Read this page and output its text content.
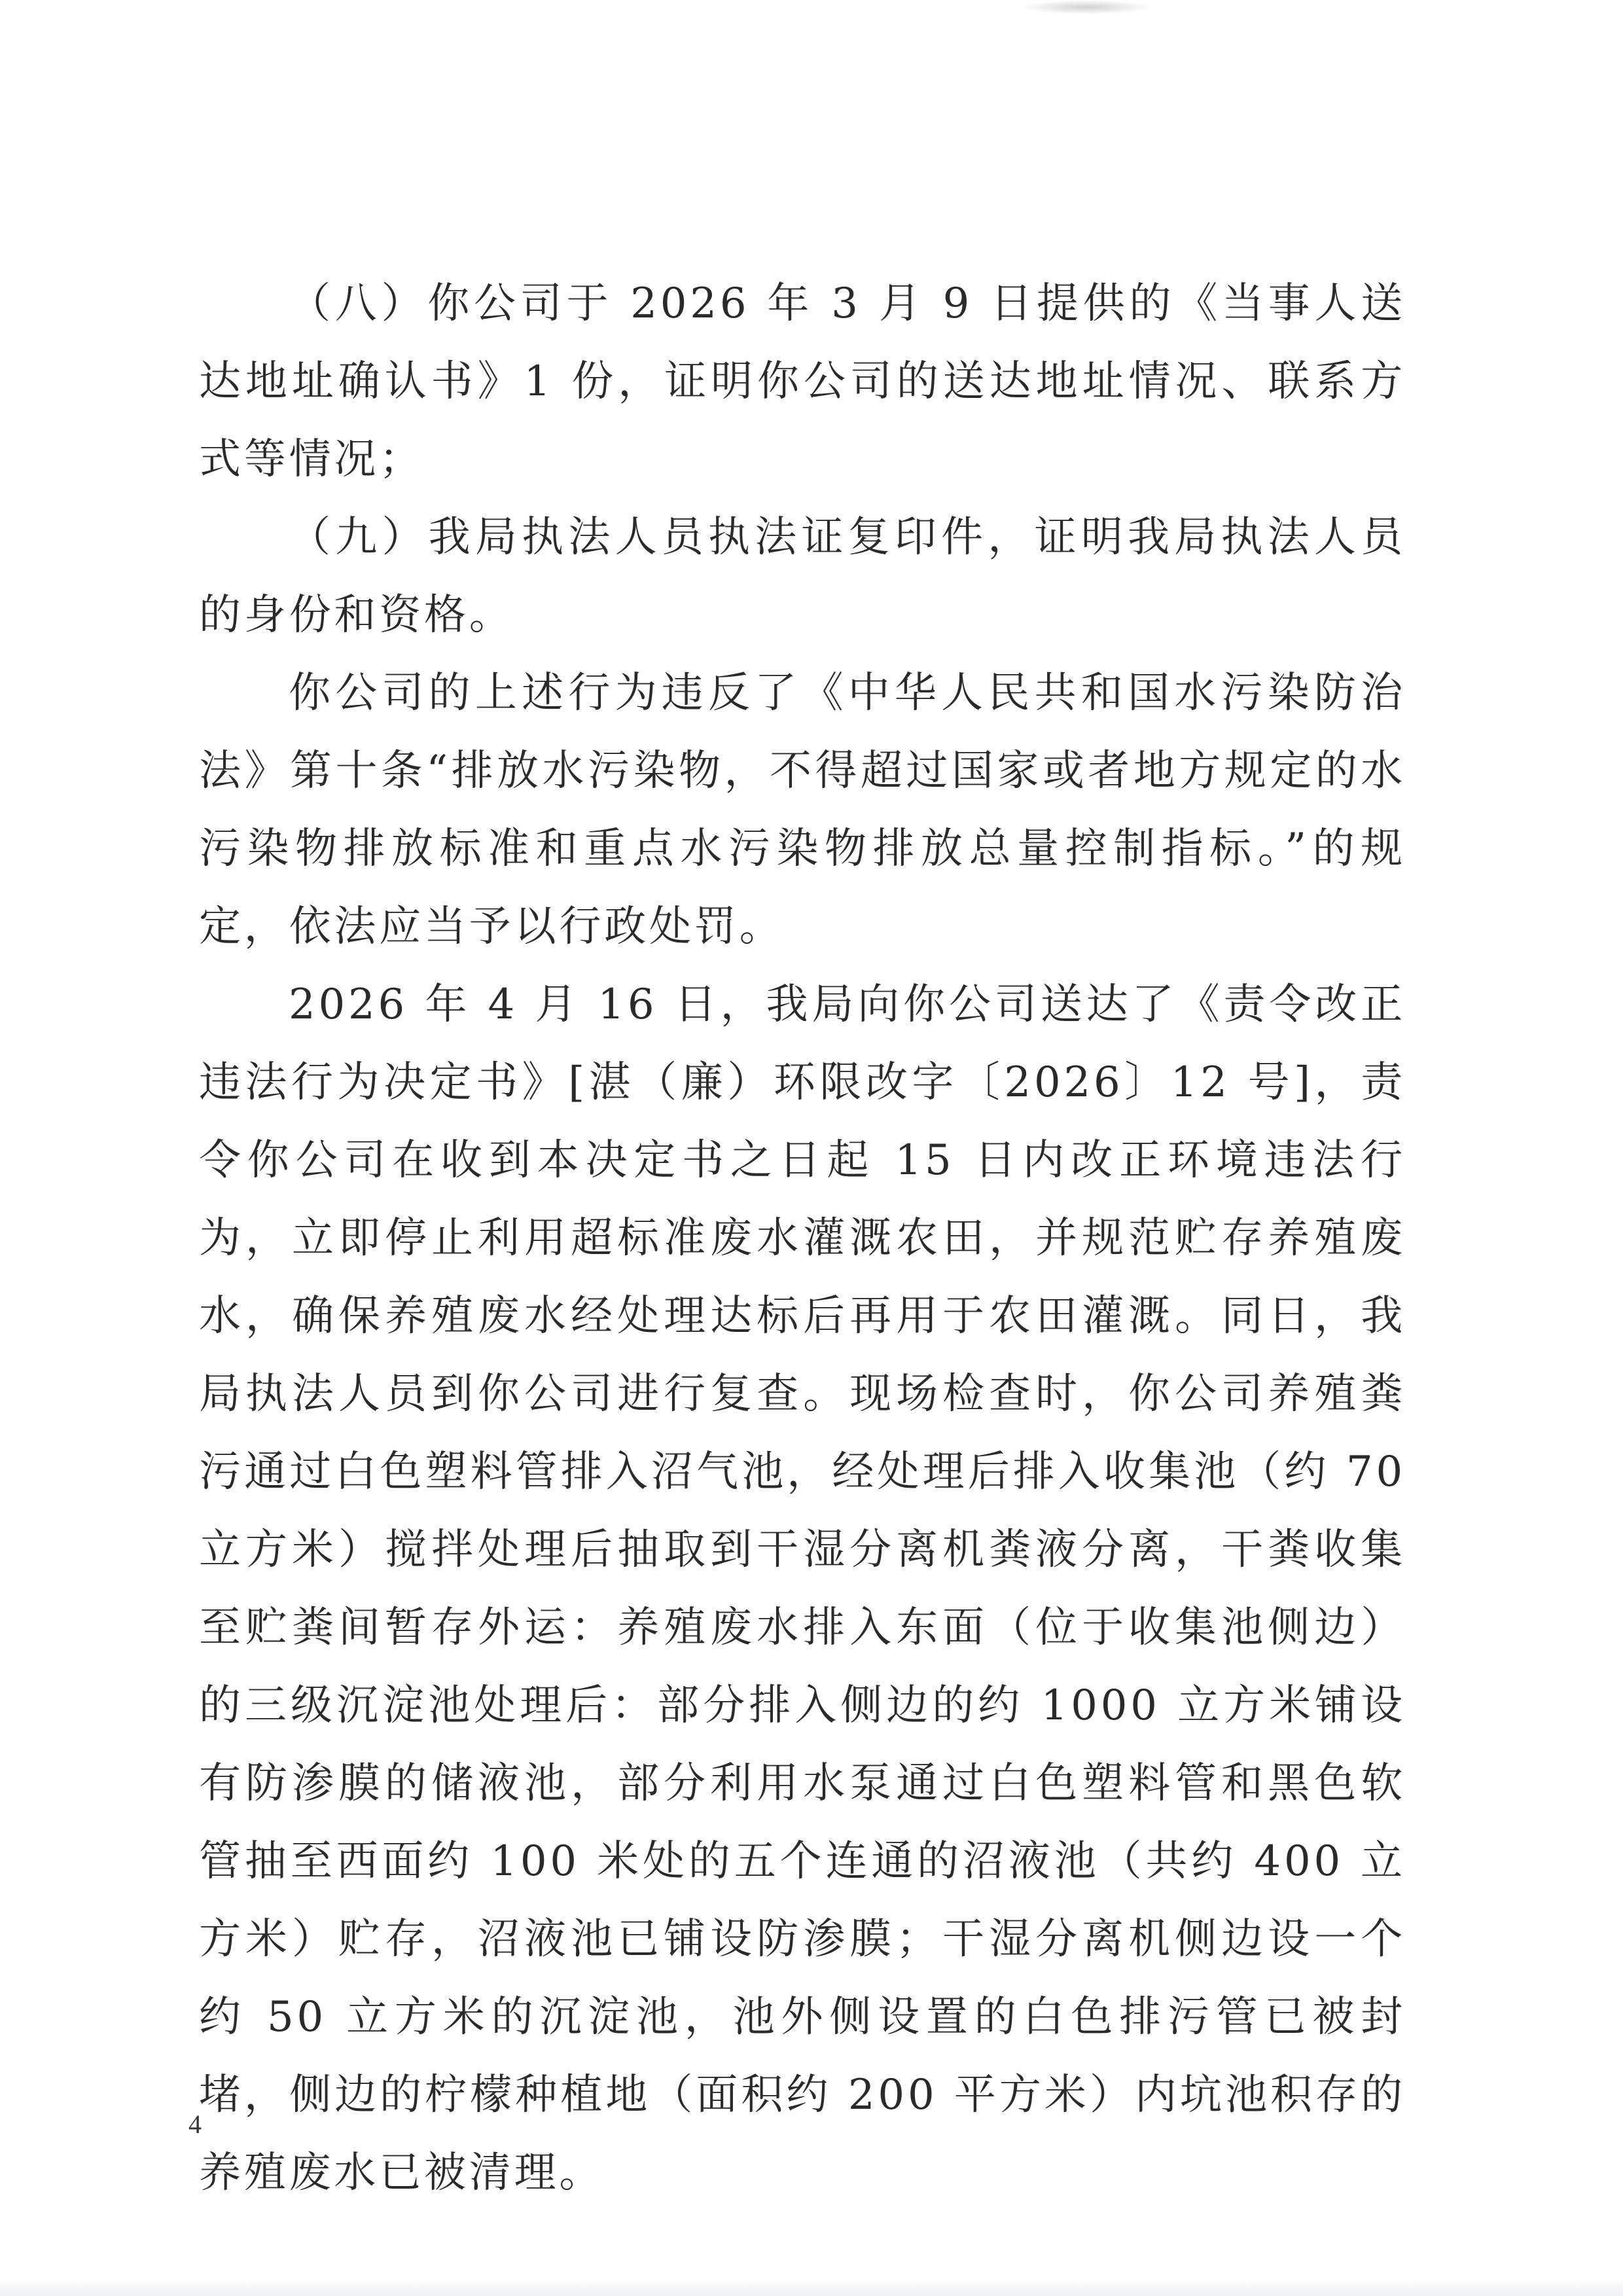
（八）你公司于 2026 年 3 月 9 日提供的《当事人送达地址确认书》1 份，证明你公司的送达地址情况、联系方式等情况；

（九）我局执法人员执法证复印件，证明我局执法人员的身份和资格。

你公司的上述行为违反了《中华人民共和国水污染防治法》第十条“排放水污染物，不得超过国家或者地方规定的水污染物排放标准和重点水污染物排放总量控制指标。”的规定，依法应当予以行政处罚。

2026 年 4 月 16 日，我局向你公司送达了《责令改正违法行为决定书》[湛（廉）环限改字〔2026〕12 号]，责令你公司在收到本决定书之日起 15 日内改正环境违法行为，立即停止利用超标准废水灌溉农田，并规范贮存养殖废水，确保养殖废水经处理达标后再用于农田灌溉。同日，我局执法人员到你公司进行复查。现场检查时，你公司养殖粪污通过白色塑料管排入沼气池，经处理后排入收集池（约 70 立方米）搅拌处理后抽取到干湿分离机粪液分离，干粪收集至贮粪间暂存外运：养殖废水排入东面（位于收集池侧边）的三级沉淀池处理后：部分排入侧边的约 1000 立方米铺设有防渗膜的储液池，部分利用水泵通过白色塑料管和黑色软管抽至西面约 100 米处的五个连通的沼液池（共约 400 立方米）贮存，沼液池已铺设防渗膜；干湿分离机侧边设一个约 50 立方米的沉淀池，池外侧设置的白色排污管已被封堵，侧边的柠檬种植地（面积约 200 平方米）内坑池积存的养殖废水已被清理。

4
